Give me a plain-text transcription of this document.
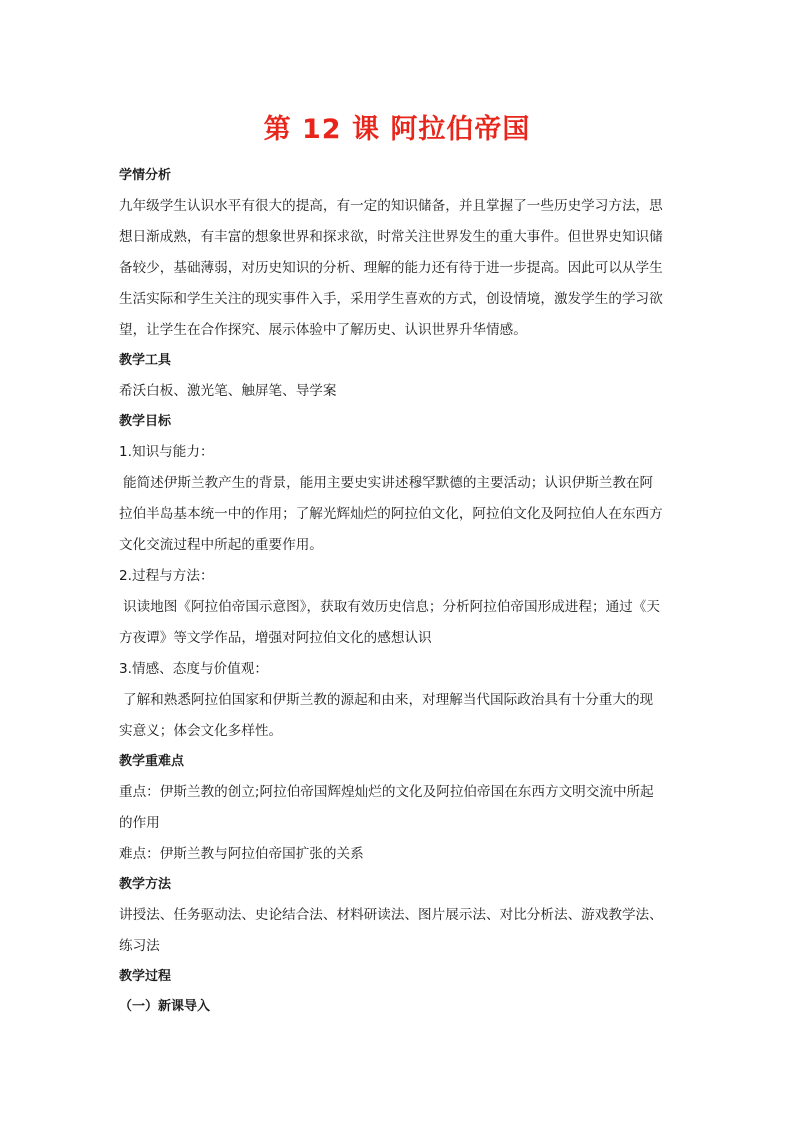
第 12 课 阿拉伯帝国
学情分析
九年级学生认识水平有很大的提高，有一定的知识储备，并且掌握了一些历史学习方法，思
想日渐成熟，有丰富的想象世界和探求欲，时常关注世界发生的重大事件。但世界史知识储
备较少，基础薄弱，对历史知识的分析、理解的能力还有待于进一步提高。因此可以从学生
生活实际和学生关注的现实事件入手，采用学生喜欢的方式，创设情境，激发学生的学习欲
望，让学生在合作探究、展示体验中了解历史、认识世界升华情感。
教学工具
希沃白板、激光笔、触屏笔、导学案
教学目标
1.知识与能力：
能简述伊斯兰教产生的背景，能用主要史实讲述穆罕默德的主要活动；认识伊斯兰教在阿
拉伯半岛基本统一中的作用；了解光辉灿烂的阿拉伯文化，阿拉伯文化及阿拉伯人在东西方
文化交流过程中所起的重要作用。
2.过程与方法：
识读地图《阿拉伯帝国示意图》，获取有效历史信息；分析阿拉伯帝国形成进程；通过《天
方夜谭》等文学作品，增强对阿拉伯文化的感想认识
3.情感、态度与价值观：
了解和熟悉阿拉伯国家和伊斯兰教的源起和由来，对理解当代国际政治具有十分重大的现
实意义；体会文化多样性。
教学重难点
重点：伊斯兰教的创立;阿拉伯帝国辉煌灿烂的文化及阿拉伯帝国在东西方文明交流中所起
的作用
难点：伊斯兰教与阿拉伯帝国扩张的关系
教学方法
讲授法、任务驱动法、史论结合法、材料研读法、图片展示法、对比分析法、游戏教学法、
练习法
教学过程
（一）新课导入
